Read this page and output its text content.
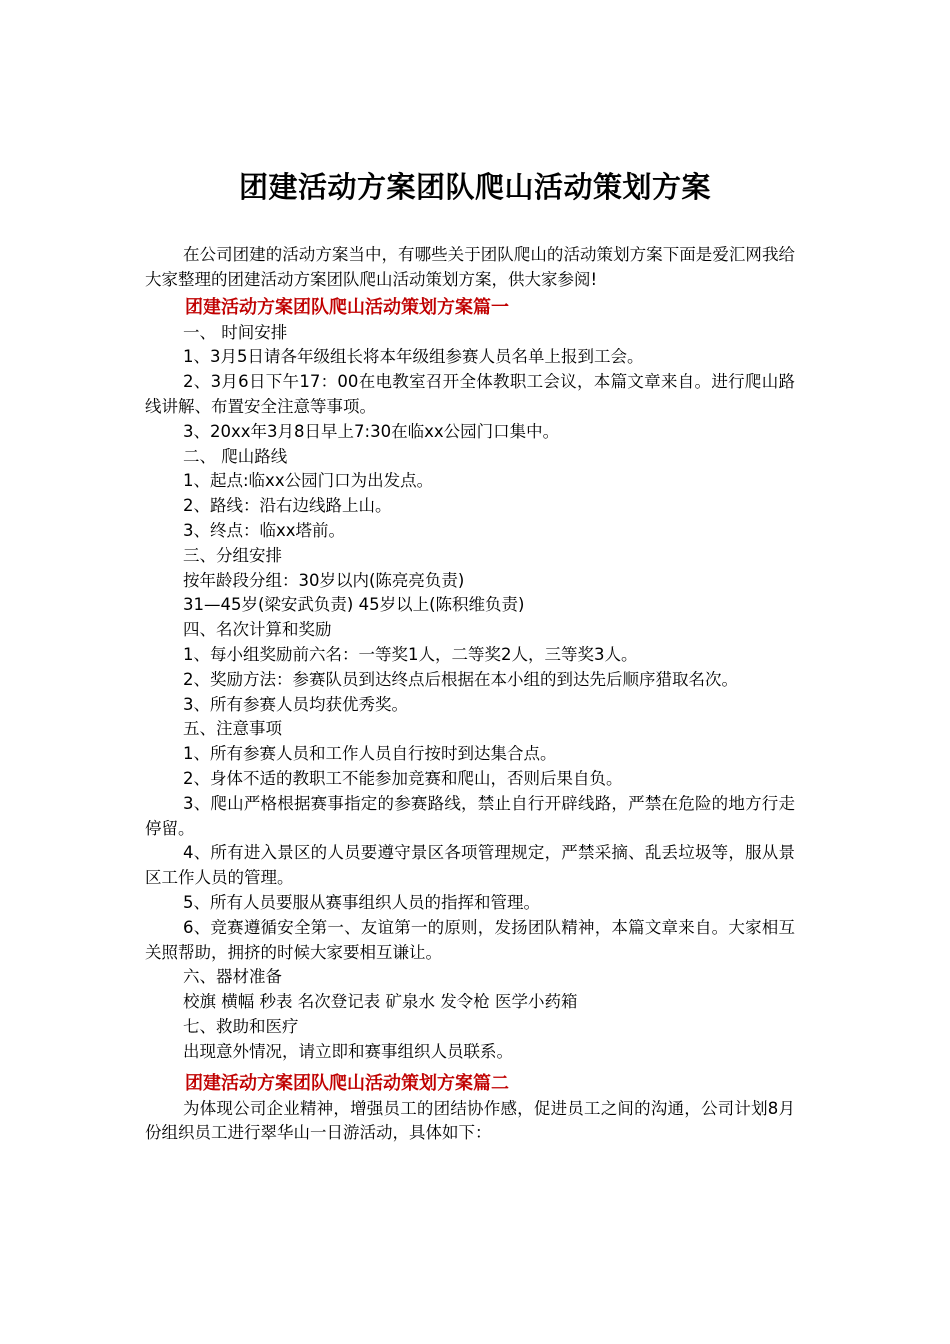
团建活动方案团队爬山活动策划方案

在公司团建的活动方案当中，有哪些关于团队爬山的活动策划方案下面是爱汇网我给大家整理的团建活动方案团队爬山活动策划方案，供大家参阅!

团建活动方案团队爬山活动策划方案篇一

一、 时间安排

1、3月5日请各年级组长将本年级组参赛人员名单上报到工会。

2、3月6日下午17：00在电教室召开全体教职工会议，本篇文章来自。进行爬山路线讲解、布置安全注意等事项。

3、20xx年3月8日早上7:30在临xx公园门口集中。

二、 爬山路线

1、起点:临xx公园门口为出发点。

2、路线：沿右边线路上山。

3、终点：临xx塔前。

三、分组安排

按年龄段分组：30岁以内(陈亮亮负责)

31—45岁(梁安武负责) 45岁以上(陈积维负责)

四、名次计算和奖励

1、每小组奖励前六名：一等奖1人，二等奖2人，三等奖3人。

2、奖励方法：参赛队员到达终点后根据在本小组的到达先后顺序猎取名次。

3、所有参赛人员均获优秀奖。

五、注意事项

1、所有参赛人员和工作人员自行按时到达集合点。

2、身体不适的教职工不能参加竞赛和爬山，否则后果自负。

3、爬山严格根据赛事指定的参赛路线，禁止自行开辟线路，严禁在危险的地方行走停留。

4、所有进入景区的人员要遵守景区各项管理规定，严禁采摘、乱丢垃圾等，服从景区工作人员的管理。

5、所有人员要服从赛事组织人员的指挥和管理。

6、竞赛遵循安全第一、友谊第一的原则，发扬团队精神，本篇文章来自。大家相互关照帮助，拥挤的时候大家要相互谦让。

六、器材准备

校旗 横幅 秒表 名次登记表 矿泉水 发令枪 医学小药箱

七、救助和医疗

出现意外情况，请立即和赛事组织人员联系。

团建活动方案团队爬山活动策划方案篇二

为体现公司企业精神，增强员工的团结协作感，促进员工之间的沟通，公司计划8月份组织员工进行翠华山一日游活动，具体如下：
